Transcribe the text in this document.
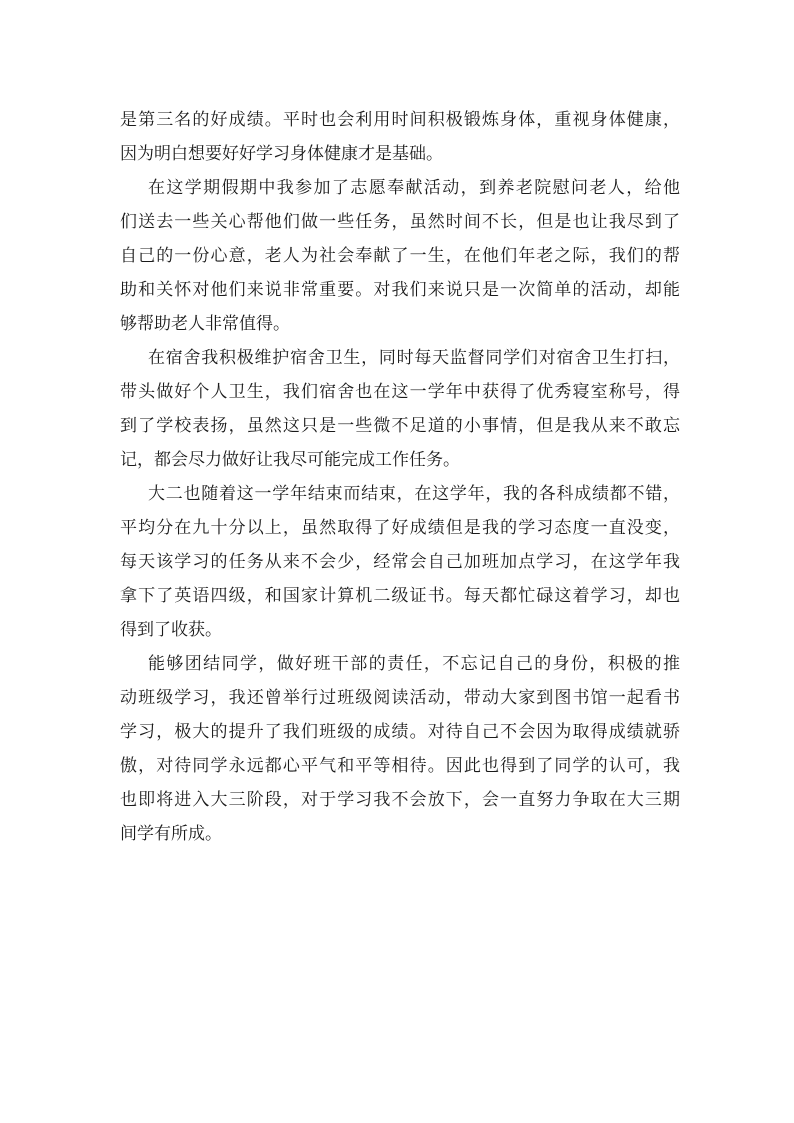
是第三名的好成绩。平时也会利用时间积极锻炼身体，重视身体健康，
因为明白想要好好学习身体健康才是基础。
在这学期假期中我参加了志愿奉献活动，到养老院慰问老人，给他
们送去一些关心帮他们做一些任务，虽然时间不长，但是也让我尽到了
自己的一份心意，老人为社会奉献了一生，在他们年老之际，我们的帮
助和关怀对他们来说非常重要。对我们来说只是一次简单的活动，却能
够帮助老人非常值得。
在宿舍我积极维护宿舍卫生，同时每天监督同学们对宿舍卫生打扫，
带头做好个人卫生，我们宿舍也在这一学年中获得了优秀寝室称号，得
到了学校表扬，虽然这只是一些微不足道的小事情，但是我从来不敢忘
记，都会尽力做好让我尽可能完成工作任务。
大二也随着这一学年结束而结束，在这学年，我的各科成绩都不错，
平均分在九十分以上，虽然取得了好成绩但是我的学习态度一直没变，
每天该学习的任务从来不会少，经常会自己加班加点学习，在这学年我
拿下了英语四级，和国家计算机二级证书。每天都忙碌这着学习，却也
得到了收获。
能够团结同学，做好班干部的责任，不忘记自己的身份，积极的推
动班级学习，我还曾举行过班级阅读活动，带动大家到图书馆一起看书
学习，极大的提升了我们班级的成绩。对待自己不会因为取得成绩就骄
傲，对待同学永远都心平气和平等相待。因此也得到了同学的认可，我
也即将进入大三阶段，对于学习我不会放下，会一直努力争取在大三期
间学有所成。
